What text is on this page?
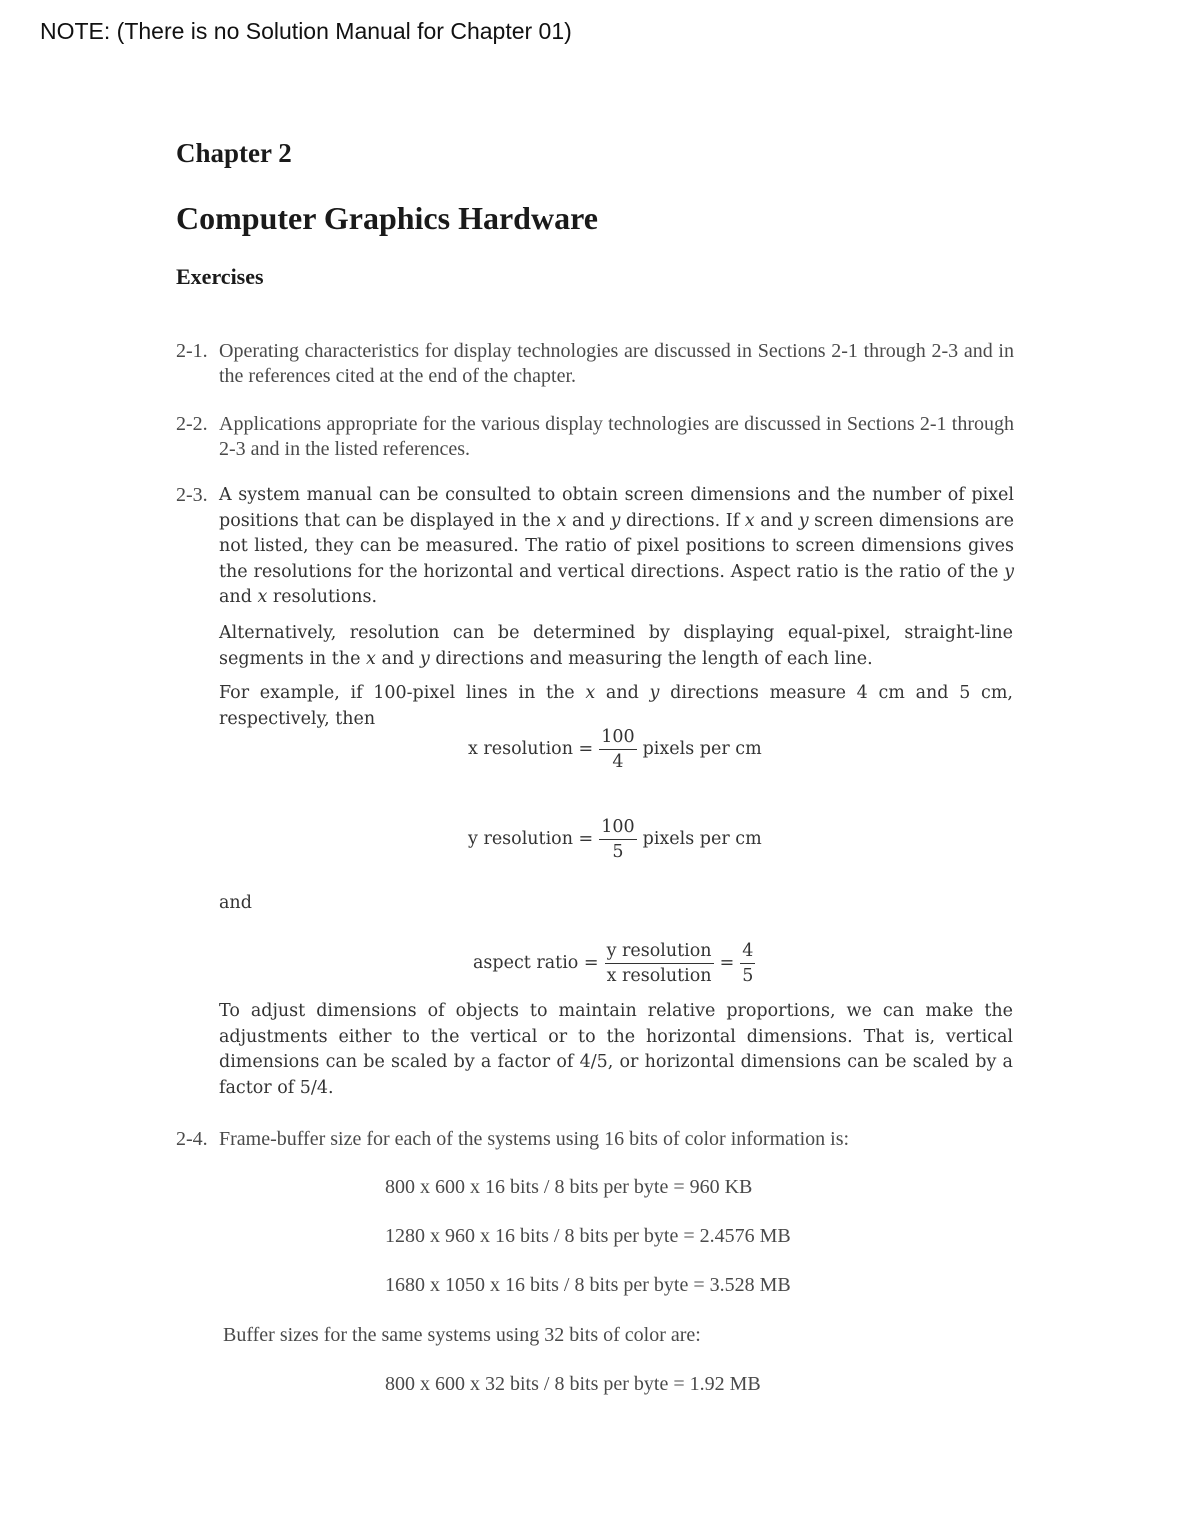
NOTE: (There is no Solution Manual for Chapter 01)
Chapter 2
Computer Graphics Hardware
Exercises
2-1. Operating characteristics for display technologies are discussed in Sections 2-1 through 2-3 and in the references cited at the end of the chapter.
2-2. Applications appropriate for the various display technologies are discussed in Sections 2-1 through 2-3 and in the listed references.
2-3. A system manual can be consulted to obtain screen dimensions and the number of pixel positions that can be displayed in the x and y directions. If x and y screen dimensions are not listed, they can be measured. The ratio of pixel positions to screen dimensions gives the resolutions for the horizontal and vertical directions. Aspect ratio is the ratio of the y and x resolutions.
Alternatively, resolution can be determined by displaying equal-pixel, straight-line segments in the x and y directions and measuring the length of each line.
For example, if 100-pixel lines in the x and y directions measure 4 cm and 5 cm, respectively, then
x resolution = $\frac{100}{4}$ pixels per cm
y resolution = $\frac{100}{5}$ pixels per cm
and
aspect ratio = $\frac{\text{y resolution}}{\text{x resolution}} = \frac{4}{5}$
To adjust dimensions of objects to maintain relative proportions, we can make the adjustments either to the vertical or to the horizontal dimensions. That is, vertical dimensions can be scaled by a factor of 4/5, or horizontal dimensions can be scaled by a factor of 5/4.
2-4. Frame-buffer size for each of the systems using 16 bits of color information is:
800 x 600 x 16 bits / 8 bits per byte = 960 KB
1280 x 960 x 16 bits / 8 bits per byte = 2.4576 MB
1680 x 1050 x 16 bits / 8 bits per byte = 3.528 MB
Buffer sizes for the same systems using 32 bits of color are:
800 x 600 x 32 bits / 8 bits per byte = 1.92 MB
